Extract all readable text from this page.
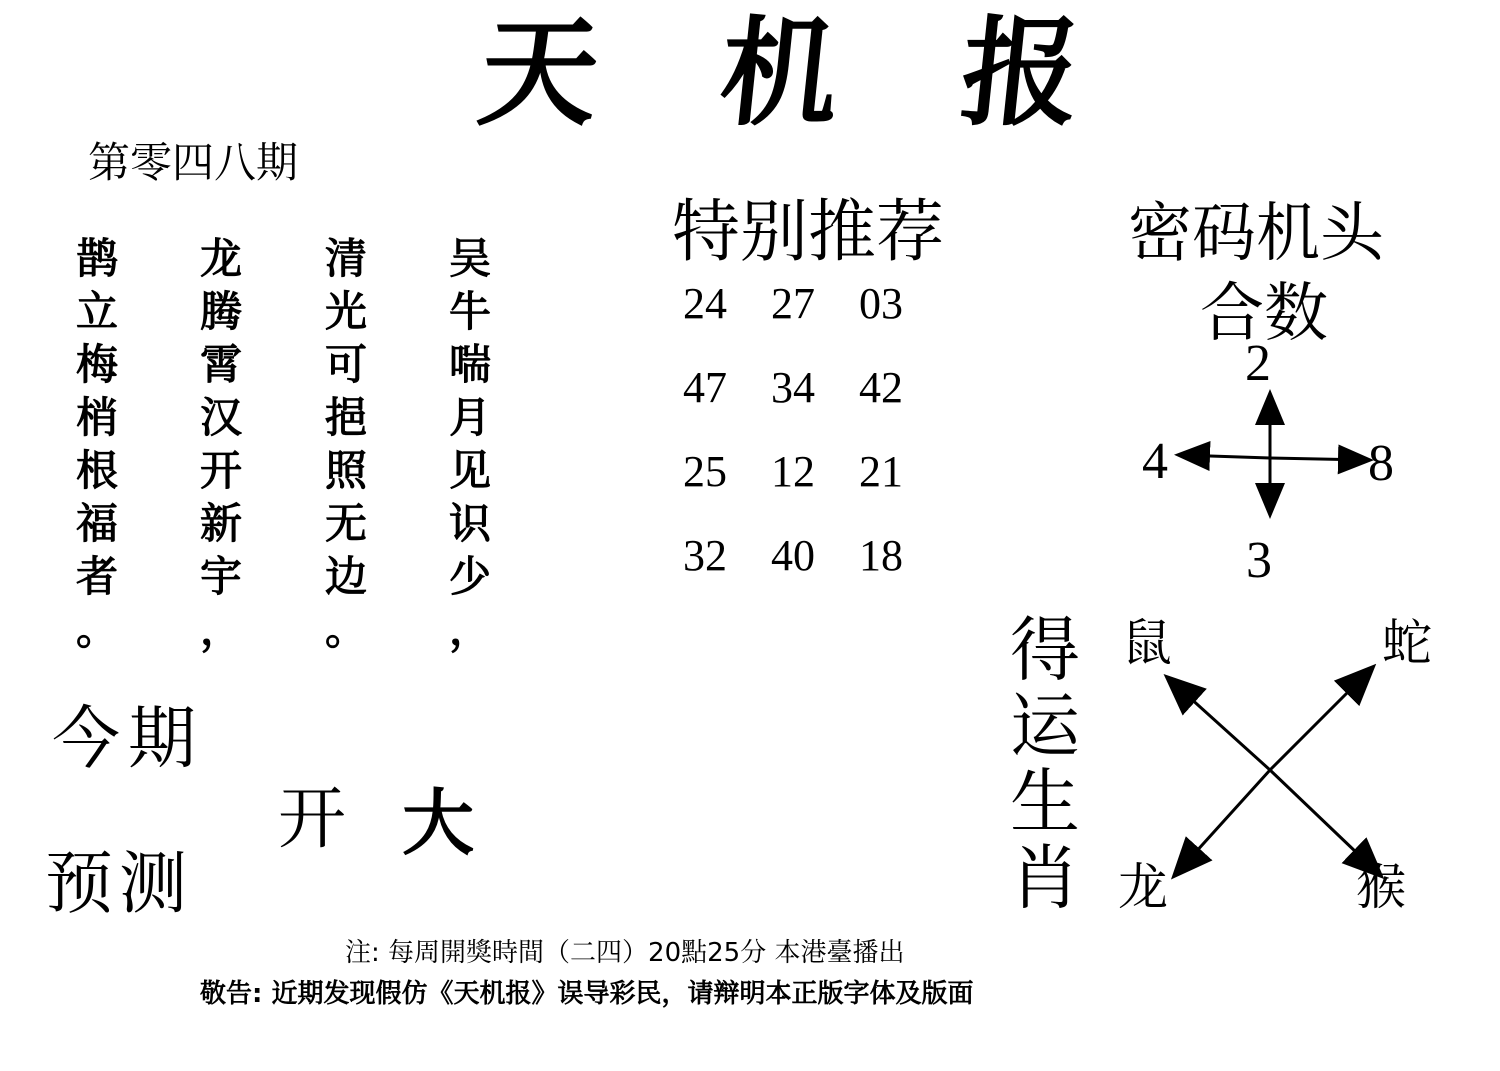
天 机 报
第零四八期
鹊
立
梅
梢
根
福
者
。
龙
腾
霄
汉
开
新
宇
，
清
光
可
挹
照
无
边
。
吴
牛
喘
月
见
识
少
，
今期
开 大
预测
特别推荐
24	27	03
47	34	42
25	12	21
32	40	18
密码机头
合数
2
4	8
3
得
运
生
肖
鼠	蛇
龙	猴
注: 每周開獎時間（二四）20點25分 本港臺播出
敬告: 近期发现假仿《天机报》误导彩民，请辩明本正版字体及版面
